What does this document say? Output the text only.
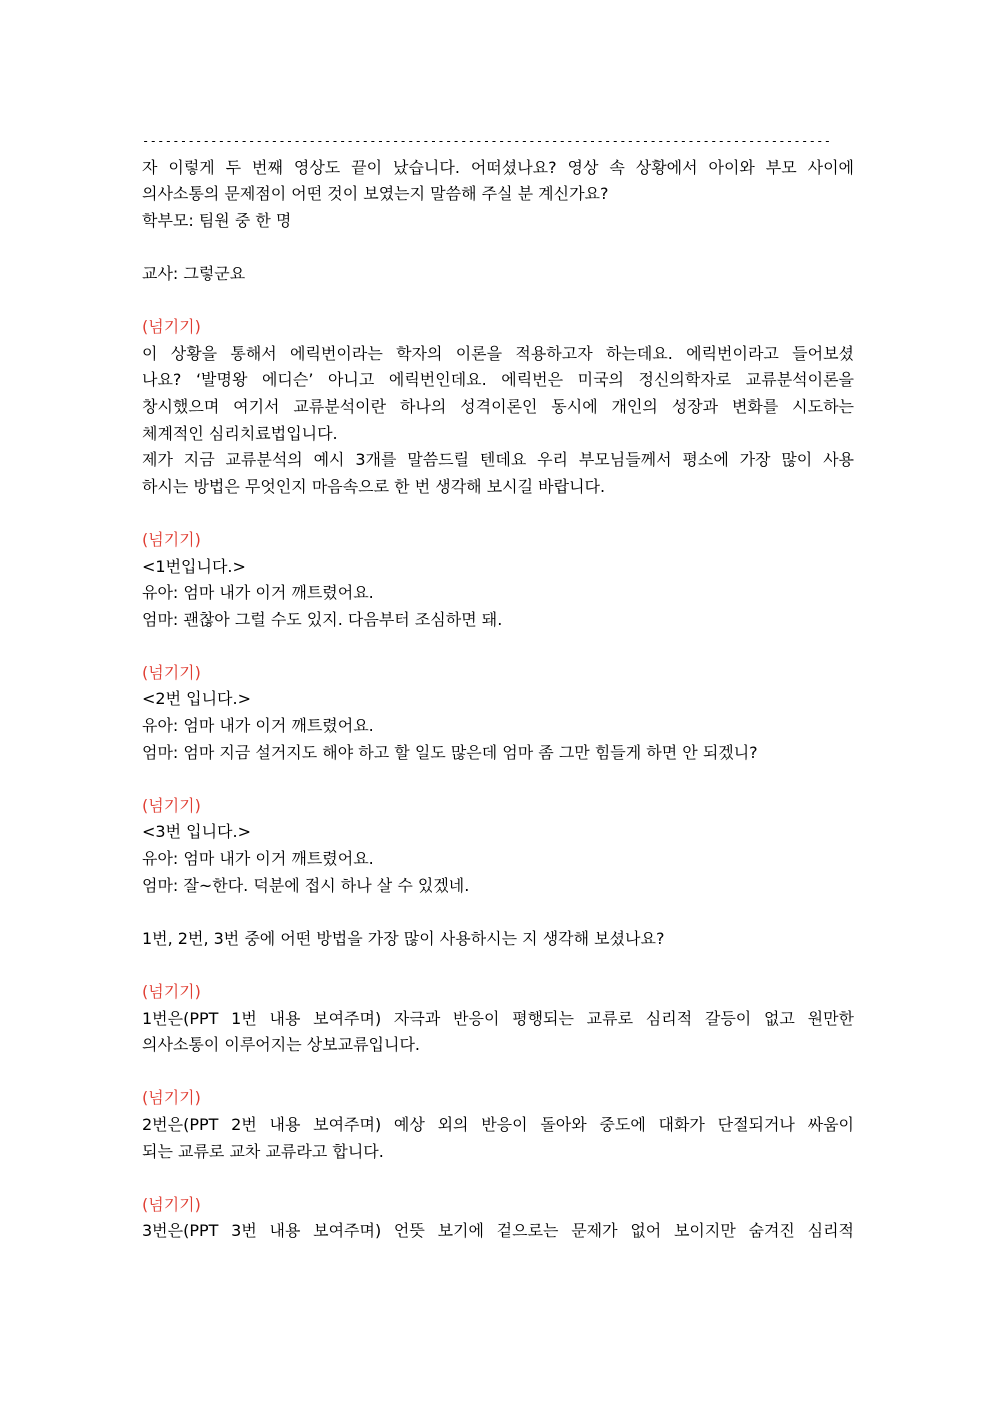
-------------------------------------------------------------------------------------------
자 이렇게 두 번째 영상도 끝이 났습니다. 어떠셨나요? 영상 속 상황에서 아이와 부모 사이에
의사소통의 문제점이 어떤 것이 보였는지 말씀해 주실 분 계신가요?
학부모: 팀원 중 한 명
교사: 그렇군요
(넘기기)
이 상황을 통해서 에릭번이라는 학자의 이론을 적용하고자 하는데요. 에릭번이라고 들어보셨
나요? ‘발명왕 에디슨’ 아니고 에릭번인데요. 에릭번은 미국의 정신의학자로 교류분석이론을
창시했으며 여기서 교류분석이란 하나의 성격이론인 동시에 개인의 성장과 변화를 시도하는
체계적인 심리치료법입니다.
제가 지금 교류분석의 예시 3개를 말씀드릴 텐데요 우리 부모님들께서 평소에 가장 많이 사용
하시는 방법은 무엇인지 마음속으로 한 번 생각해 보시길 바랍니다.
(넘기기)
<1번입니다.>
유아: 엄마 내가 이거 깨트렸어요.
엄마: 괜찮아 그럴 수도 있지. 다음부터 조심하면 돼.
(넘기기)
<2번 입니다.>
유아: 엄마 내가 이거 깨트렸어요.
엄마: 엄마 지금 설거지도 해야 하고 할 일도 많은데 엄마 좀 그만 힘들게 하면 안 되겠니?
(넘기기)
<3번 입니다.>
유아: 엄마 내가 이거 깨트렸어요.
엄마: 잘~한다. 덕분에 접시 하나 살 수 있겠네.
1번, 2번, 3번 중에 어떤 방법을 가장 많이 사용하시는 지 생각해 보셨나요?
(넘기기)
1번은(PPT 1번 내용 보여주며) 자극과 반응이 평행되는 교류로 심리적 갈등이 없고 원만한
의사소통이 이루어지는 상보교류입니다.
(넘기기)
2번은(PPT 2번 내용 보여주며) 예상 외의 반응이 돌아와 중도에 대화가 단절되거나 싸움이
되는 교류로 교차 교류라고 합니다.
(넘기기)
3번은(PPT 3번 내용 보여주며) 언뜻 보기에 겉으로는 문제가 없어 보이지만 숨겨진 심리적
